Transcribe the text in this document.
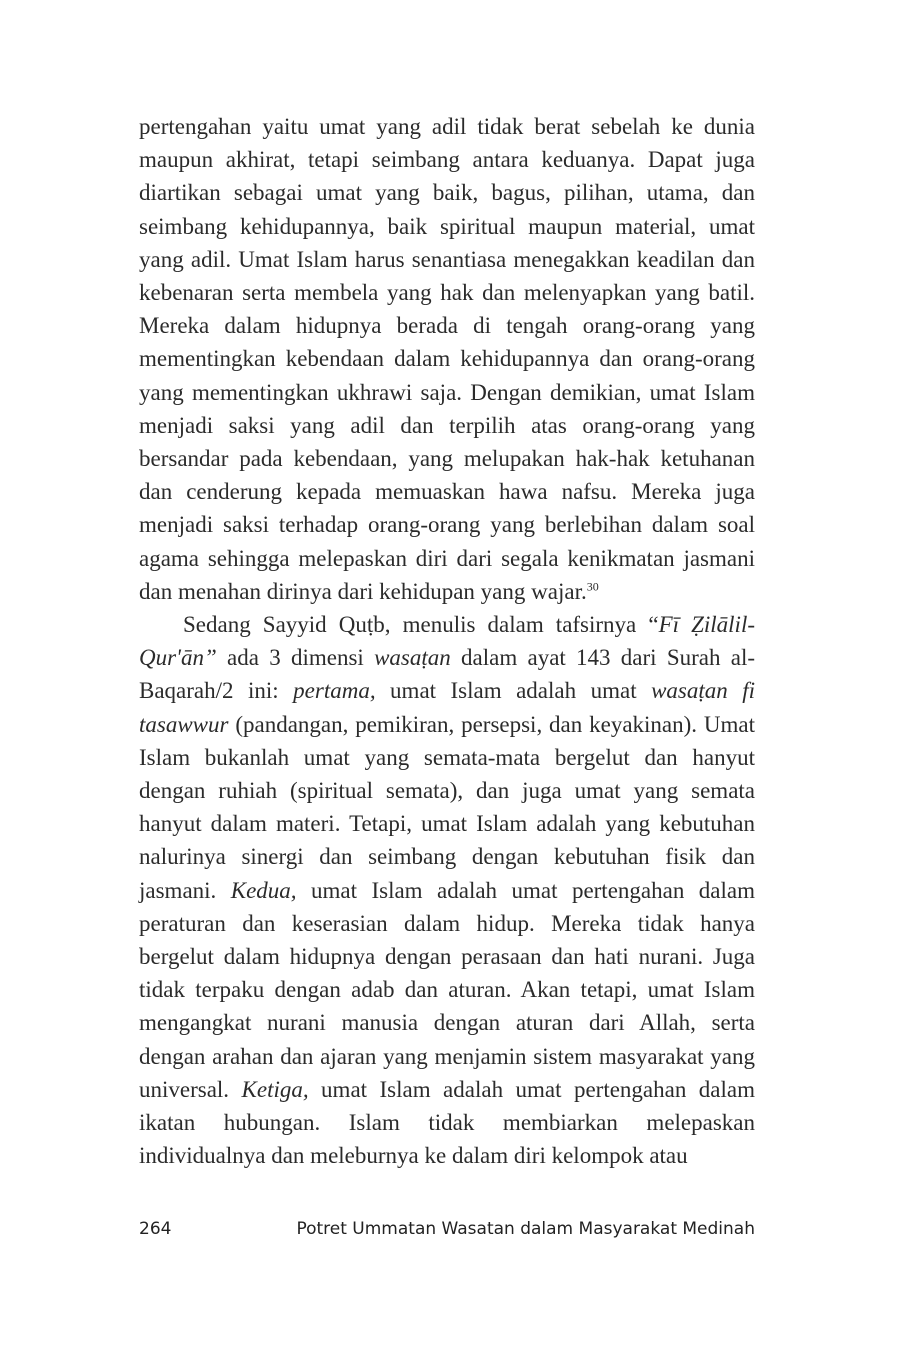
pertengahan yaitu umat yang adil tidak berat sebelah ke dunia maupun akhirat, tetapi seimbang antara keduanya. Dapat juga diartikan sebagai umat yang baik, bagus, pilihan, utama, dan seimbang kehidupannya, baik spiritual maupun material, umat yang adil. Umat Islam harus senantiasa menegakkan keadilan dan kebenaran serta membela yang hak dan melenyapkan yang batil. Mereka dalam hidupnya berada di tengah orang-orang yang mementingkan kebendaan dalam kehidupannya dan orang-orang yang mementingkan ukhrawi saja. Dengan demikian, umat Islam menjadi saksi yang adil dan terpilih atas orang-orang yang bersandar pada kebendaan, yang melupakan hak-hak ketuhanan dan cenderung kepada memuaskan hawa nafsu. Mereka juga menjadi saksi terhadap orang-orang yang berlebihan dalam soal agama sehingga melepaskan diri dari segala kenikmatan jasmani dan menahan dirinya dari kehidupan yang wajar.$^{30}$

Sedang Sayyid Quṭb, menulis dalam tafsirnya “Fī Ẓilālil-Qur'ān” ada 3 dimensi wasaṭan dalam ayat 143 dari Surah al-Baqarah/2 ini: pertama, umat Islam adalah umat wasaṭan fi tasawwur (pandangan, pemikiran, persepsi, dan keyakinan). Umat Islam bukanlah umat yang semata-mata bergelut dan hanyut dengan ruhiah (spiritual semata), dan juga umat yang semata hanyut dalam materi. Tetapi, umat Islam adalah yang kebutuhan nalurinya sinergi dan seimbang dengan kebutuhan fisik dan jasmani. Kedua, umat Islam adalah umat pertengahan dalam peraturan dan keserasian dalam hidup. Mereka tidak hanya bergelut dalam hidupnya dengan perasaan dan hati nurani. Juga tidak terpaku dengan adab dan aturan. Akan tetapi, umat Islam mengangkat nurani manusia dengan aturan dari Allah, serta dengan arahan dan ajaran yang menjamin sistem masyarakat yang universal. Ketiga, umat Islam adalah umat pertengahan dalam ikatan hubungan. Islam tidak membiarkan melepaskan individualnya dan meleburnya ke dalam diri kelompok atau

264	Potret Ummatan Wasatan dalam Masyarakat Medinah
